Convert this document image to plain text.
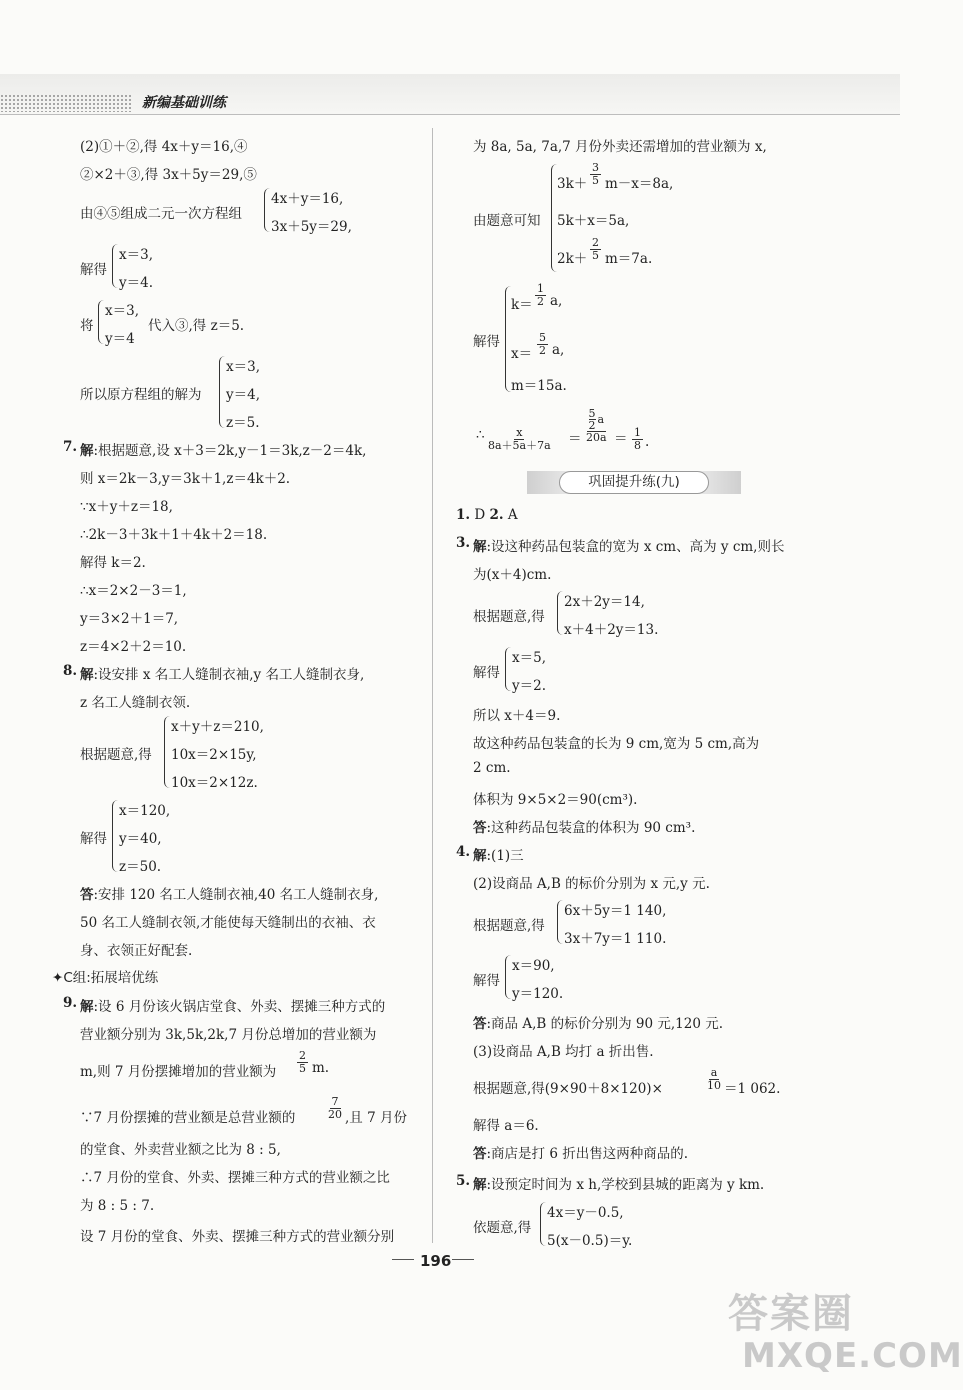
新编基础训练
(2)①＋②,得 4x＋y＝16,④
②×2＋③,得 3x＋5y＝29,⑤
由④⑤组成二元一次方程组
4x＋y＝16,
3x＋5y＝29,
解得
x＝3,
y＝4.
将
x＝3,
y＝4
代入③,得 z＝5.
所以原方程组的解为
x＝3,
y＝4,
z＝5.
7. 解:根据题意,设 x＋3＝2k,y－1＝3k,z－2＝4k,
则 x＝2k－3,y＝3k＋1,z＝4k＋2.
∵x＋y＋z＝18,
∴2k－3＋3k＋1＋4k＋2＝18.
解得 k＝2.
∴x＝2×2－3＝1,
y＝3×2＋1＝7,
z＝4×2＋2＝10.
8. 解:设安排 x 名工人缝制衣袖,y 名工人缝制衣身,
z 名工人缝制衣领.
根据题意,得
x＋y＋z＝210,
10x＝2×15y,
10x＝2×12z.
解得
x＝120,
y＝40,
z＝50.
答:安排 120 名工人缝制衣袖,40 名工人缝制衣身,
50 名工人缝制衣领,才能使每天缝制出的衣袖、衣
身、衣领正好配套.
✦C组:拓展培优练
9. 解:设 6 月份该火锅店堂食、外卖、摆摊三种方式的
营业额分别为 3k,5k,2k,7 月份总增加的营业额为
m,则 7 月份摆摊增加的营业额为 $\frac{2}{5} m$.
∵7 月份摆摊的营业额是总营业额的	$\frac{7}{20}$ ,且 7 月份
的堂食、外卖营业额之比为 8 : 5,
∴7 月份的堂食、外卖、摆摊三种方式的营业额之比
为 8 : 5 : 7.
设 7 月份的堂食、外卖、摆摊三种方式的营业额分别
为 8a, 5a, 7a,7 月份外卖还需增加的营业额为 x,
由题意可知
$3k+ \frac{3}{5} m-x=8a$,
5k＋x＝5a,
$2k+ \frac{2}{5} m=7a$.
解得
$k= \frac{1}{2} a$,
$x= \frac{5}{2} a$,
m＝15a.
∴ $\frac{x}{8a+5a+7a}$ ＝
5
2 a
$20a = \frac{1}{8}$ .
巩固提升练(九)
1. D 2. A
3. 解:设这种药品包装盒的宽为 x cm、高为 y cm,则长
为(x＋4)cm.
根据题意,得
2x＋2y＝14,
x＋4＋2y＝13.
解得
x＝5,
y＝2.
所以 x＋4＝9.
故这种药品包装盒的长为 9 cm,宽为 5 cm,高为
2 cm.
体积为 9×5×2＝90(cm³).
答:这种药品包装盒的体积为 90 cm³.
4. 解:(1)三
(2)设商品 A,B 的标价分别为 x 元,y 元.
根据题意,得
6x＋5y＝1 140,
3x＋7y＝1 110.
解得
x＝90,
y＝120.
答:商品 A,B 的标价分别为 90 元,120 元.
(3)设商品 A,B 均打 a 折出售.
根据题意,得(9×90＋8×120)×	$\frac{a}{10} =1$ 062.
解得 a＝6.
答:商店是打 6 折出售这两种商品的.
5. 解:设预定时间为 x h,学校到县城的距离为 y km.
依题意,得
4x＝y－0.5,
5(x－0.5)＝y.
196
答案圈
MXQE.COM
